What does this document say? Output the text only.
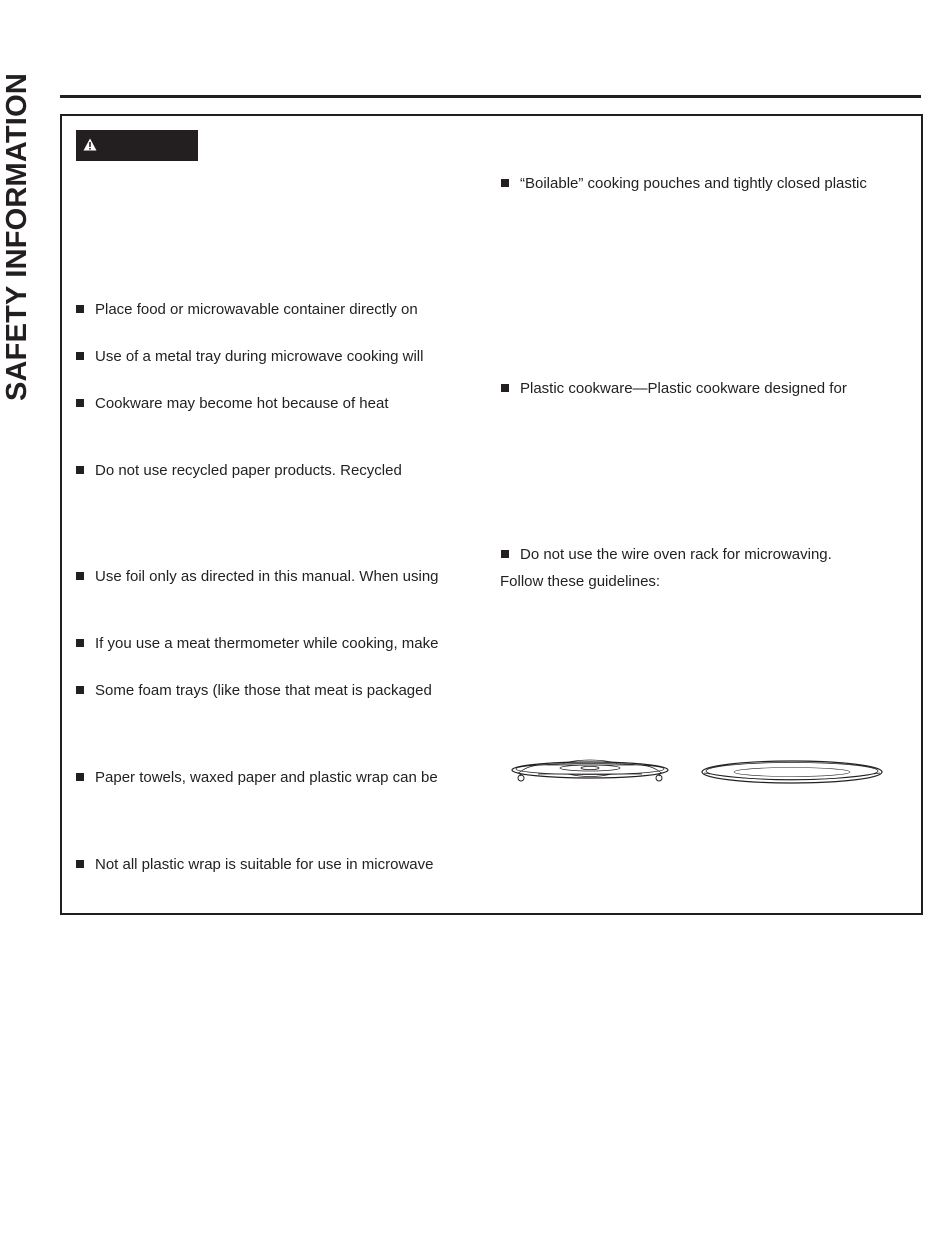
SAFETY INFORMATION	Place food or microwavable container directly on
Use of a metal tray during microwave cooking will
Cookware may become hot because of heat
Do not use recycled paper products. Recycled
Use foil only as directed in this manual. When using
If you use a meat thermometer while cooking, make
Some foam trays (like those that meat is packaged
Paper towels, waxed paper and plastic wrap can be
Not all plastic wrap is suitable for use in microwave
“Boilable” cooking pouches and tightly closed plastic
Plastic cookware—Plastic cookware designed for
Do not use the wire oven rack for microwaving.
Follow these guidelines:
